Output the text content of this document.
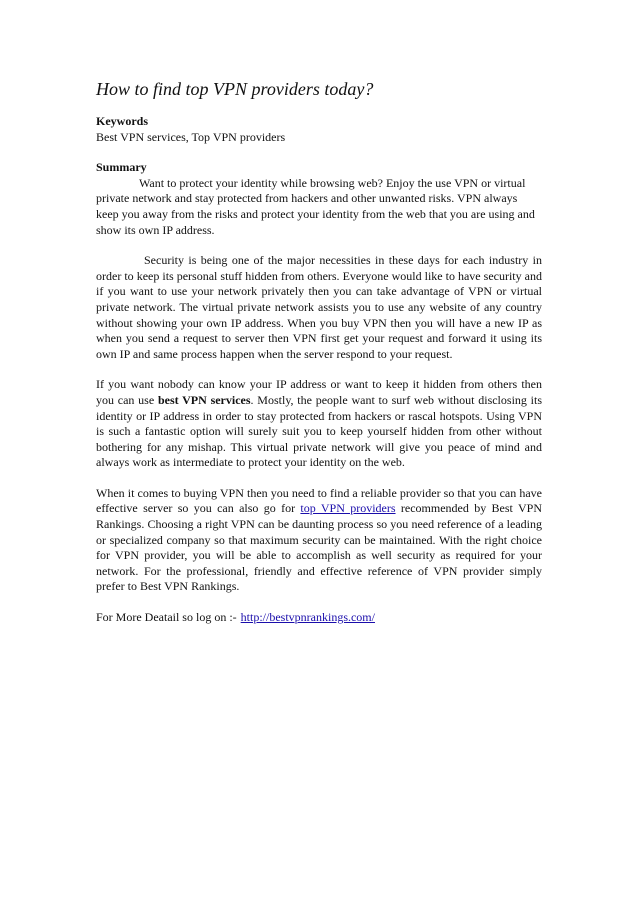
How to find top VPN providers today?
Keywords
Best VPN services, Top VPN providers
Summary
Want to protect your identity while browsing web? Enjoy the use VPN or virtual private network and stay protected from hackers and other unwanted risks. VPN always keep you away from the risks and protect your identity from the web that you are using and show its own IP address.

Security is being one of the major necessities in these days for each industry in order to keep its personal stuff hidden from others. Everyone would like to have security and if you want to use your network privately then you can take advantage of VPN or virtual private network. The virtual private network assists you to use any website of any country without showing your own IP address. When you buy VPN then you will have a new IP as when you send a request to server then VPN first get your request and forward it using its own IP and same process happen when the server respond to your request.

If you want nobody can know your IP address or want to keep it hidden from others then you can use best VPN services. Mostly, the people want to surf web without disclosing its identity or IP address in order to stay protected from hackers or rascal hotspots. Using VPN is such a fantastic option will surely suit you to keep yourself hidden from other without bothering for any mishap. This virtual private network will give you peace of mind and always work as intermediate to protect your identity on the web.

When it comes to buying VPN then you need to find a reliable provider so that you can have effective server so you can also go for top VPN providers recommended by Best VPN Rankings. Choosing a right VPN can be daunting process so you need reference of a leading or specialized company so that maximum security can be maintained. With the right choice for VPN provider, you will be able to accomplish as well security as required for your network. For the professional, friendly and effective reference of VPN provider simply prefer to Best VPN Rankings.

For More Deatail so log on :- http://bestvpnrankings.com/
